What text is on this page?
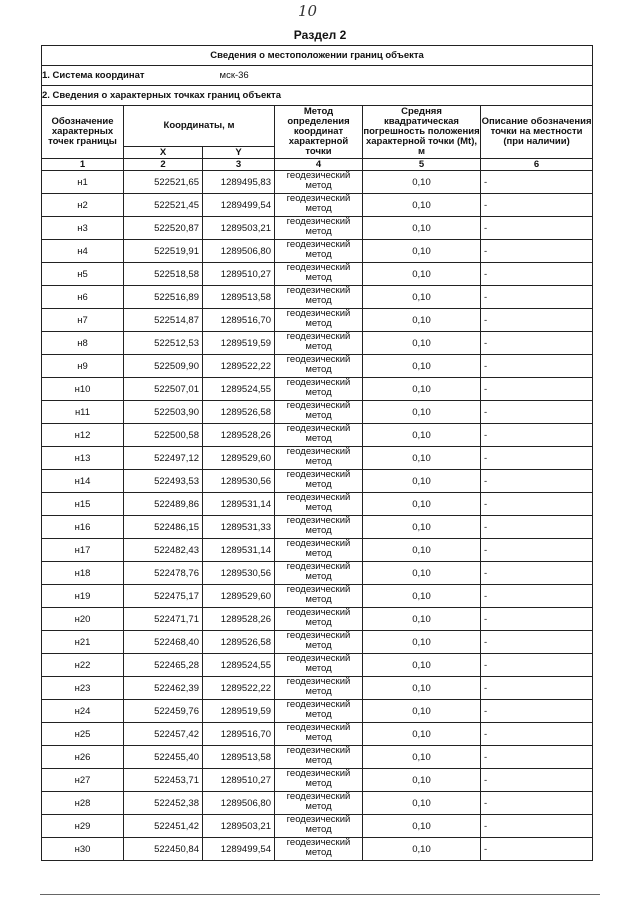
10
Раздел 2
Сведения о местоположении границ объекта					
1. Система координат мск-36					
2. Сведения о характерных точках границ объекта					
Обозначение характерных точек границы	Координаты, м		Метод определения координат характерной точки	Средняя квадратическая погрешность положения характерной точки (Mt), м	Описание обозначения точки на местности (при наличии)
	X	Y			
1	2	3	4	5	6
н1	522521,65	1289495,83	геодезический метод	0,10	-
н2	522521,45	1289499,54	геодезический метод	0,10	-
н3	522520,87	1289503,21	геодезический метод	0,10	-
н4	522519,91	1289506,80	геодезический метод	0,10	-
н5	522518,58	1289510,27	геодезический метод	0,10	-
н6	522516,89	1289513,58	геодезический метод	0,10	-
н7	522514,87	1289516,70	геодезический метод	0,10	-
н8	522512,53	1289519,59	геодезический метод	0,10	-
н9	522509,90	1289522,22	геодезический метод	0,10	-
н10	522507,01	1289524,55	геодезический метод	0,10	-
н11	522503,90	1289526,58	геодезический метод	0,10	-
н12	522500,58	1289528,26	геодезический метод	0,10	-
н13	522497,12	1289529,60	геодезический метод	0,10	-
н14	522493,53	1289530,56	геодезический метод	0,10	-
н15	522489,86	1289531,14	геодезический метод	0,10	-
н16	522486,15	1289531,33	геодезический метод	0,10	-
н17	522482,43	1289531,14	геодезический метод	0,10	-
н18	522478,76	1289530,56	геодезический метод	0,10	-
н19	522475,17	1289529,60	геодезический метод	0,10	-
н20	522471,71	1289528,26	геодезический метод	0,10	-
н21	522468,40	1289526,58	геодезический метод	0,10	-
н22	522465,28	1289524,55	геодезический метод	0,10	-
н23	522462,39	1289522,22	геодезический метод	0,10	-
н24	522459,76	1289519,59	геодезический метод	0,10	-
н25	522457,42	1289516,70	геодезический метод	0,10	-
н26	522455,40	1289513,58	геодезический метод	0,10	-
н27	522453,71	1289510,27	геодезический метод	0,10	-
н28	522452,38	1289506,80	геодезический метод	0,10	-
н29	522451,42	1289503,21	геодезический метод	0,10	-
н30	522450,84	1289499,54	геодезический метод	0,10	-
